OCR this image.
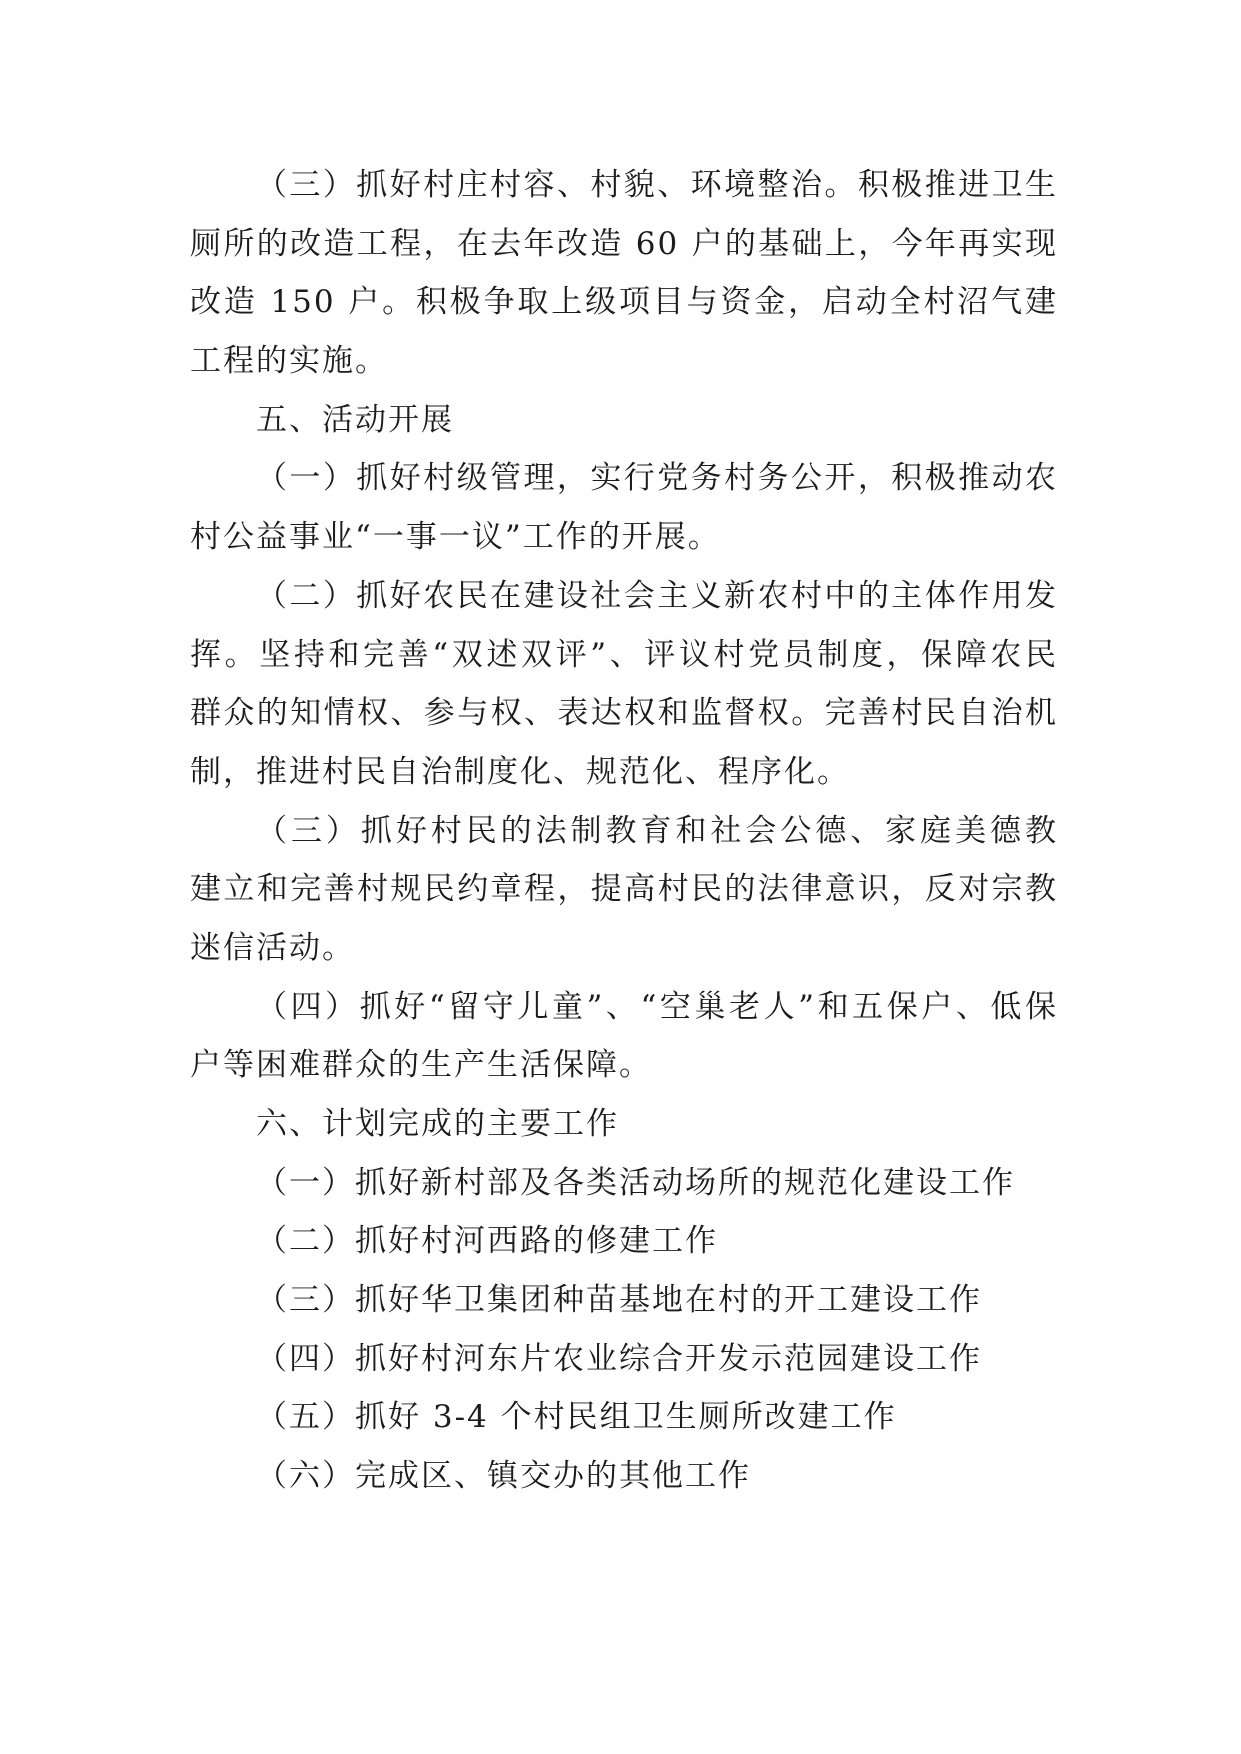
（三）抓好村庄村容、村貌、环境整治。积极推进卫生
厕所的改造工程，在去年改造 60 户的基础上，今年再实现
改造 150 户。积极争取上级项目与资金，启动全村沼气建
工程的实施。
五、活动开展
（一）抓好村级管理，实行党务村务公开，积极推动农
村公益事业“一事一议”工作的开展。
（二）抓好农民在建设社会主义新农村中的主体作用发
挥。坚持和完善“双述双评”、评议村党员制度，保障农民
群众的知情权、参与权、表达权和监督权。完善村民自治机
制，推进村民自治制度化、规范化、程序化。
（三）抓好村民的法制教育和社会公德、家庭美德教
建立和完善村规民约章程，提高村民的法律意识，反对宗教
迷信活动。
（四）抓好“留守儿童”、“空巢老人”和五保户、低保
户等困难群众的生产生活保障。
六、计划完成的主要工作
（一）抓好新村部及各类活动场所的规范化建设工作
（二）抓好村河西路的修建工作
（三）抓好华卫集团种苗基地在村的开工建设工作
（四）抓好村河东片农业综合开发示范园建设工作
（五）抓好 3-4 个村民组卫生厕所改建工作
（六）完成区、镇交办的其他工作
